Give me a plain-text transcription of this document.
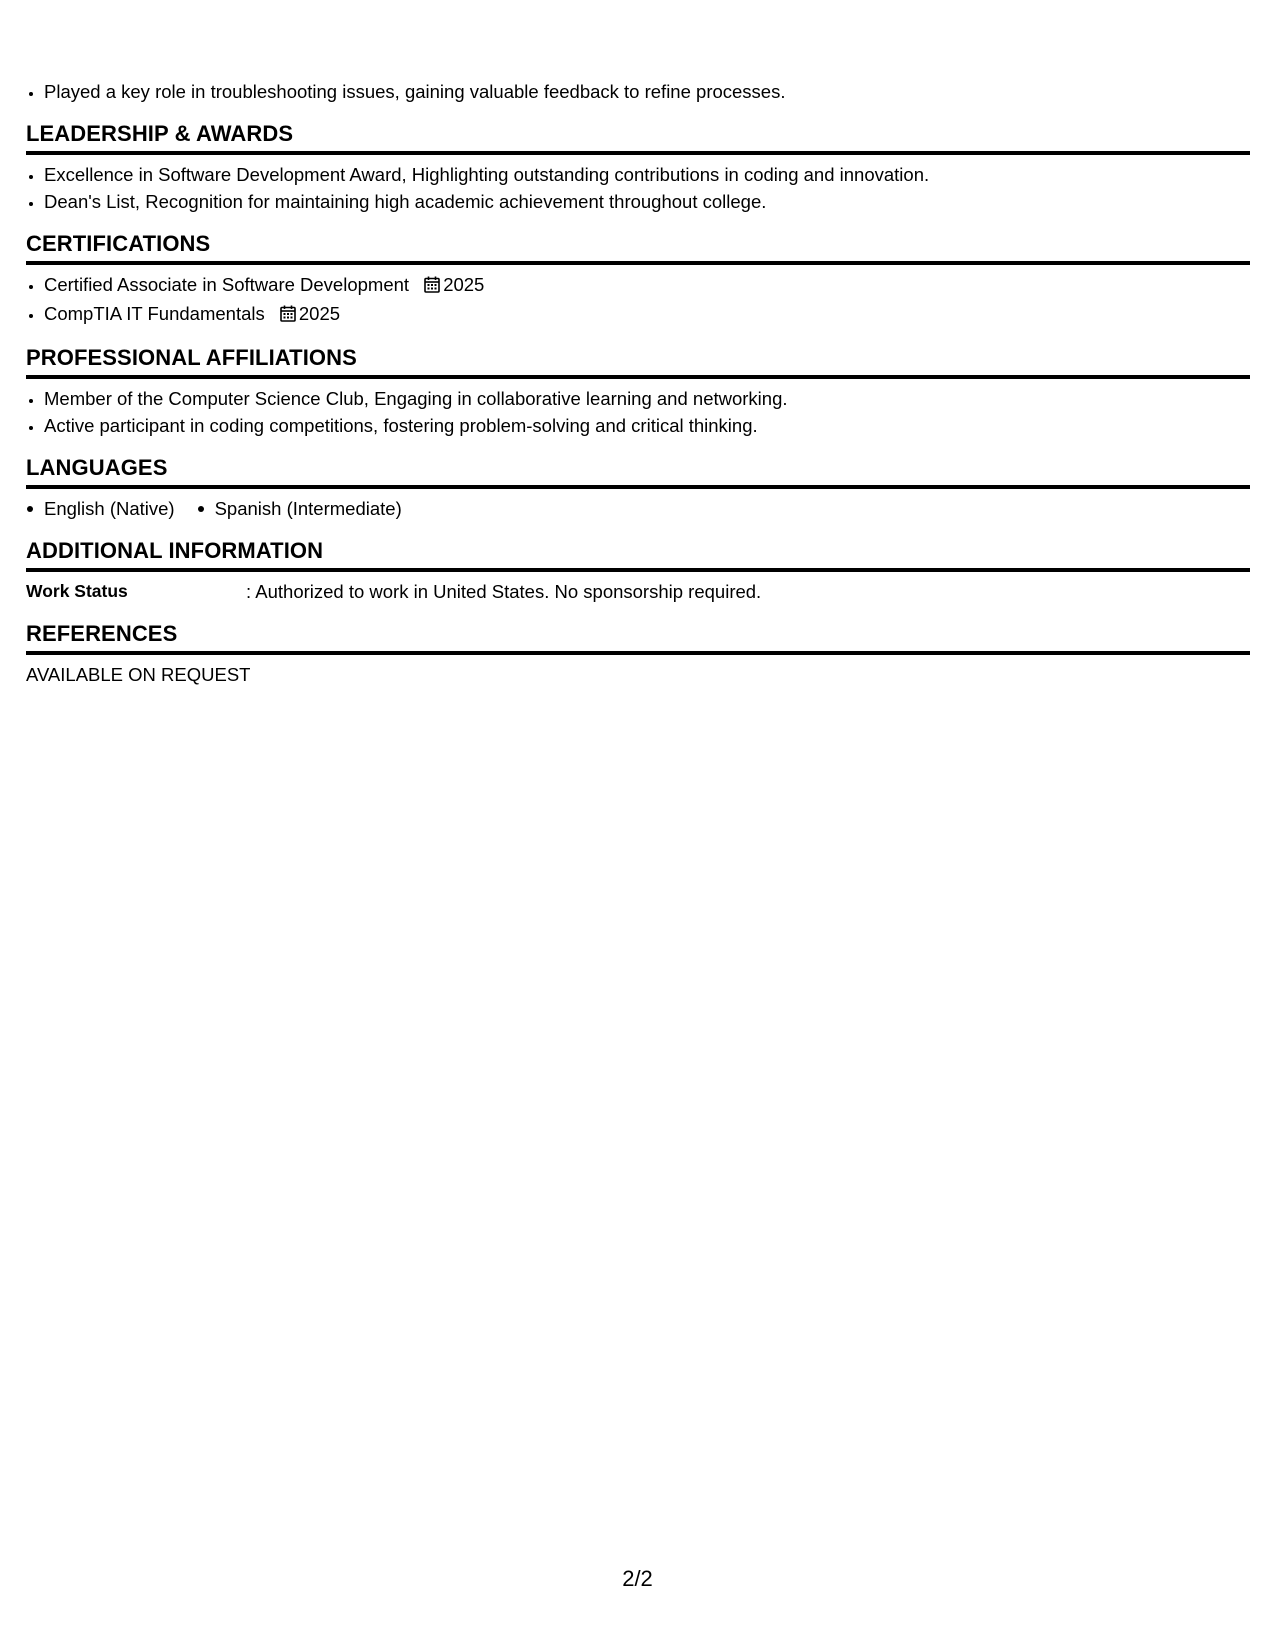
• Played a key role in troubleshooting issues, gaining valuable feedback to refine processes.
LEADERSHIP & AWARDS
• Excellence in Software Development Award, Highlighting outstanding contributions in coding and innovation.
• Dean's List, Recognition for maintaining high academic achievement throughout college.
CERTIFICATIONS
• Certified Associate in Software Development 2025
• CompTIA IT Fundamentals 2025
PROFESSIONAL AFFILIATIONS
• Member of the Computer Science Club, Engaging in collaborative learning and networking.
• Active participant in coding competitions, fostering problem-solving and critical thinking.
LANGUAGES
English (Native)	Spanish (Intermediate)
ADDITIONAL INFORMATION
Work Status	: Authorized to work in United States. No sponsorship required.
REFERENCES
AVAILABLE ON REQUEST
2/2
